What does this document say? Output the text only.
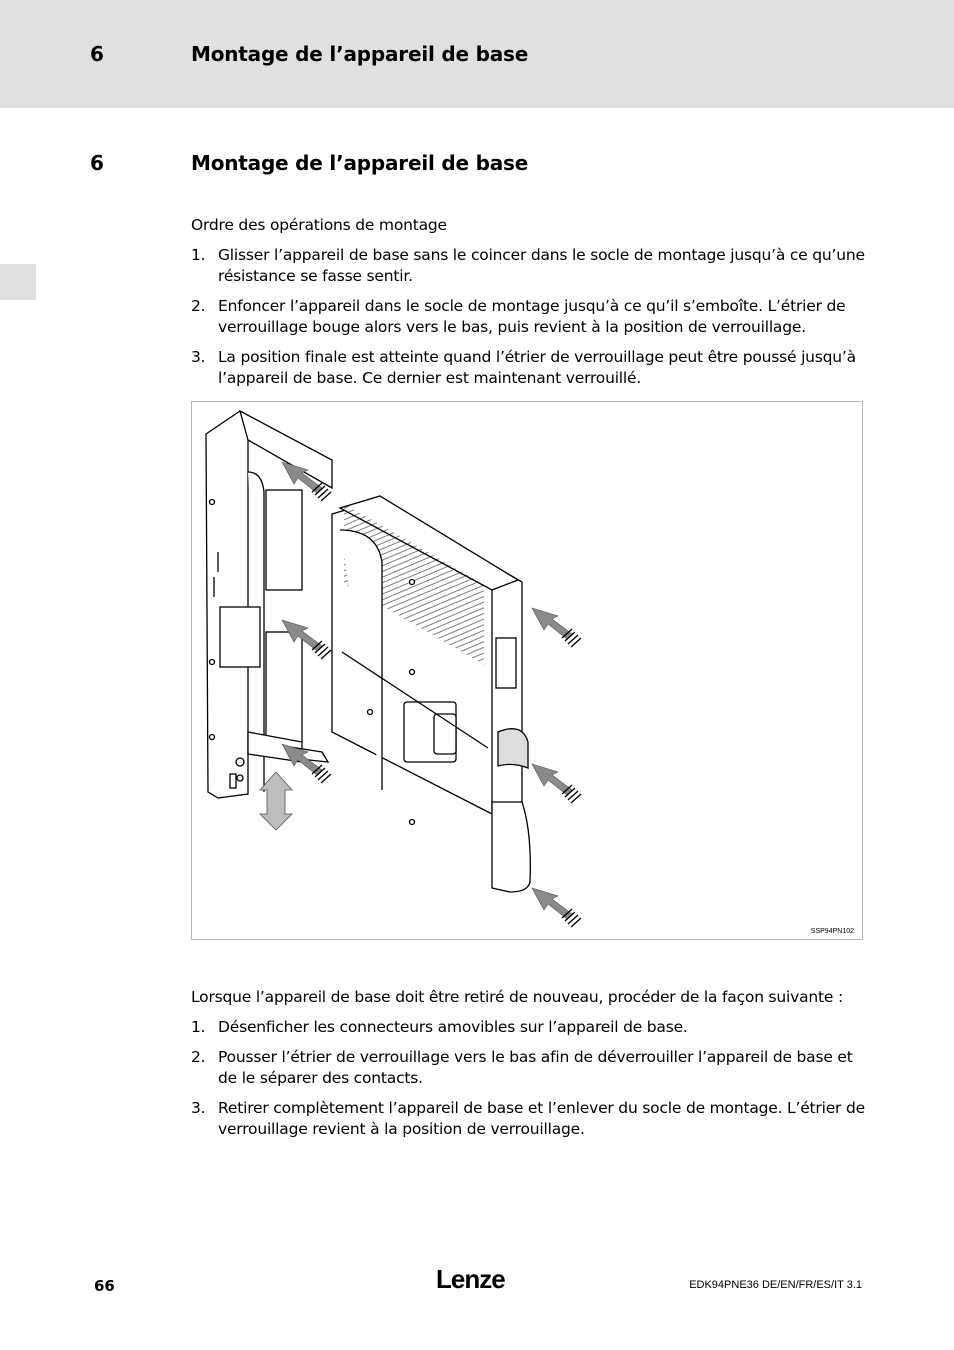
6	Montage de l’appareil de base
6	Montage de l’appareil de base
Ordre des opérations de montage
1. Glisser l’appareil de base sans le coincer dans le socle de montage jusqu’à ce qu’une résistance se fasse sentir.
2. Enfoncer l’appareil dans le socle de montage jusqu’à ce qu’il s’emboîte. L’étrier de verrouillage bouge alors vers le bas, puis revient à la position de verrouillage.
3. La position finale est atteinte quand l’étrier de verrouillage peut être poussé jusqu’à l’appareil de base. Ce dernier est maintenant verrouillé.
SSP94PN102
Lorsque l’appareil de base doit être retiré de nouveau, procéder de la façon suivante :
1. Désenficher les connecteurs amovibles sur l’appareil de base.
2. Pousser l’étrier de verrouillage vers le bas afin de déverrouiller l’appareil de base et de le séparer des contacts.
3. Retirer complètement l’appareil de base et l’enlever du socle de montage. L’étrier de verrouillage revient à la position de verrouillage.
66	Lenze	EDK94PNE36 DE/EN/FR/ES/IT 3.1
